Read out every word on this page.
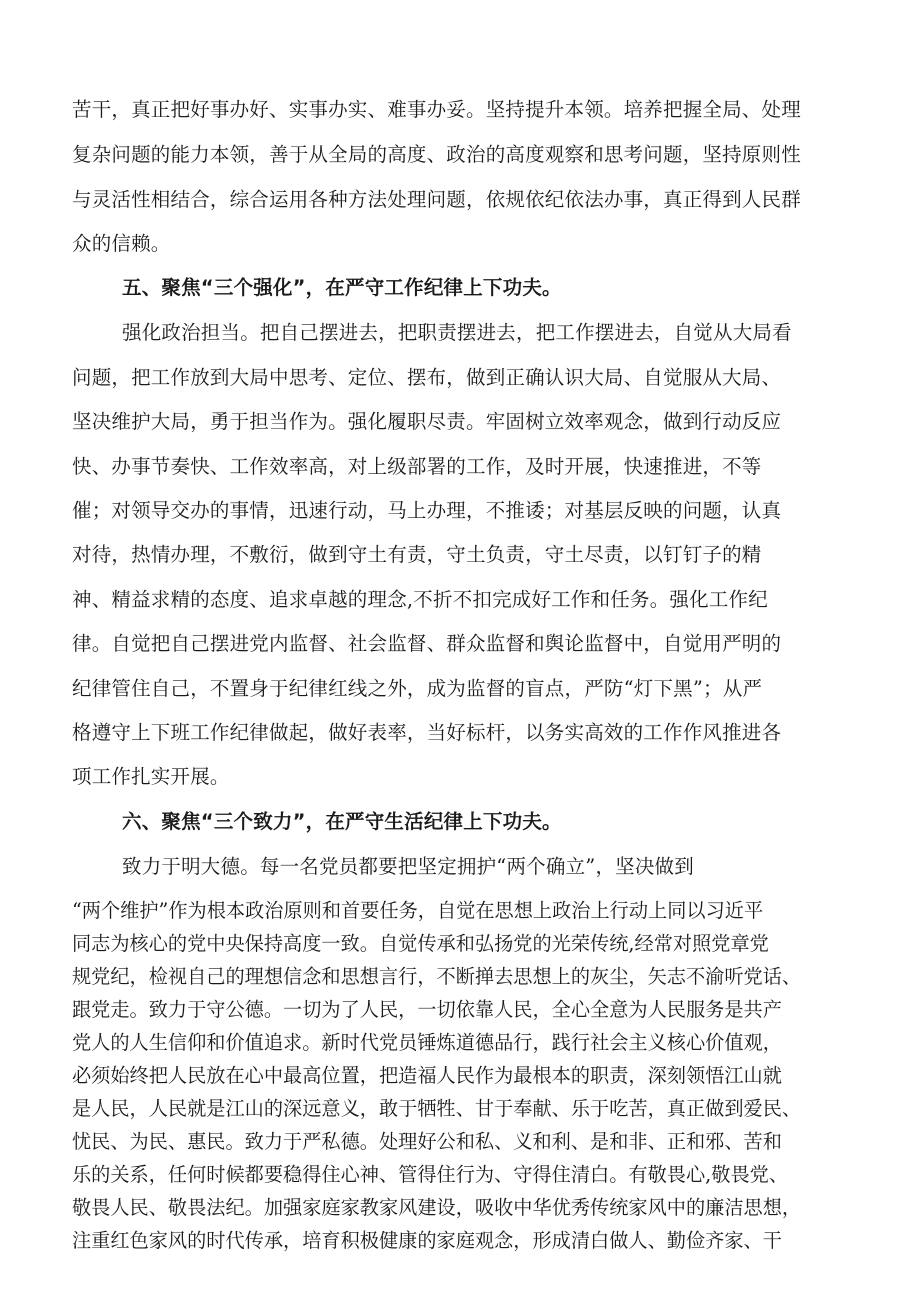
苦干，真正把好事办好、实事办实、难事办妥。坚持提升本领。培养把握全局、处理
复杂问题的能力本领，善于从全局的高度、政治的高度观察和思考问题，坚持原则性
与灵活性相结合，综合运用各种方法处理问题，依规依纪依法办事，真正得到人民群
众的信赖。
五、聚焦“三个强化”，在严守工作纪律上下功夫。
强化政治担当。把自己摆进去，把职责摆进去，把工作摆进去，自觉从大局看
问题，把工作放到大局中思考、定位、摆布，做到正确认识大局、自觉服从大局、
坚决维护大局，勇于担当作为。强化履职尽责。牢固树立效率观念，做到行动反应
快、办事节奏快、工作效率高，对上级部署的工作，及时开展，快速推进，不等
催；对领导交办的事情，迅速行动，马上办理，不推诿；对基层反映的问题，认真
对待，热情办理，不敷衍，做到守土有责，守土负责，守土尽责，以钉钉子的精
神、精益求精的态度、追求卓越的理念,不折不扣完成好工作和任务。强化工作纪
律。自觉把自己摆进党内监督、社会监督、群众监督和舆论监督中，自觉用严明的
纪律管住自己，不置身于纪律红线之外，成为监督的盲点，严防“灯下黑”；从严
格遵守上下班工作纪律做起，做好表率，当好标杆，以务实高效的工作作风推进各
项工作扎实开展。
六、聚焦“三个致力”，在严守生活纪律上下功夫。
致力于明大德。每一名党员都要把坚定拥护“两个确立”，坚决做到
“两个维护”作为根本政治原则和首要任务，自觉在思想上政治上行动上同以习近平
同志为核心的党中央保持高度一致。自觉传承和弘扬党的光荣传统,经常对照党章党
规党纪，检视自己的理想信念和思想言行，不断掸去思想上的灰尘，矢志不渝听党话、
跟党走。致力于守公德。一切为了人民，一切依靠人民，全心全意为人民服务是共产
党人的人生信仰和价值追求。新时代党员锤炼道德品行，践行社会主义核心价值观，
必须始终把人民放在心中最高位置，把造福人民作为最根本的职责，深刻领悟江山就
是人民，人民就是江山的深远意义，敢于牺牲、甘于奉献、乐于吃苦，真正做到爱民、
忧民、为民、惠民。致力于严私德。处理好公和私、义和利、是和非、正和邪、苦和
乐的关系，任何时候都要稳得住心神、管得住行为、守得住清白。有敬畏心,敬畏党、
敬畏人民、敬畏法纪。加强家庭家教家风建设，吸收中华优秀传统家风中的廉洁思想，
注重红色家风的时代传承，培育积极健康的家庭观念，形成清白做人、勤俭齐家、干
